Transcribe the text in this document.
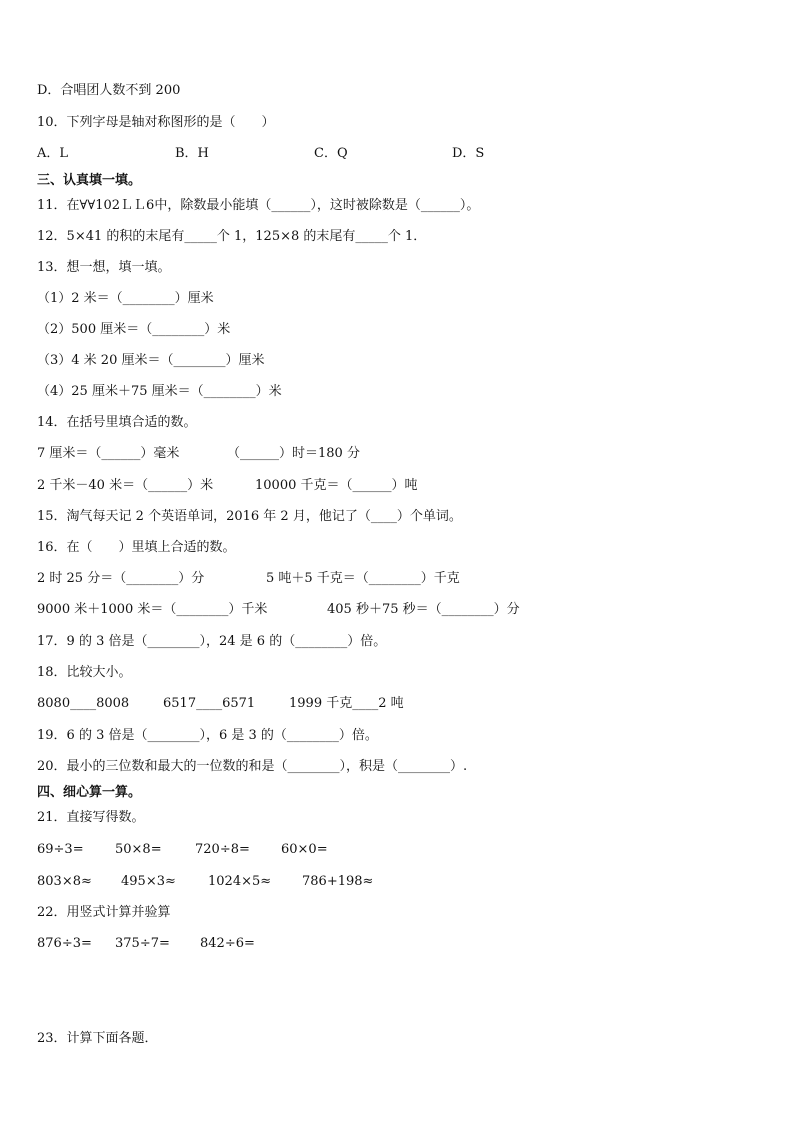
D．合唱团人数不到 200
10．下列字母是轴对称图形的是（　　）
A．L	B．H	C．Q	D．S
三、认真填一填。
11．在∀∀102ＬＬ6中，除数最小能填（______），这时被除数是（______）。
12．5×41 的积的末尾有_____个 1，125×8 的末尾有_____个 1．
13．想一想，填一填。
（1）2 米＝（________）厘米
（2）500 厘米＝（________）米
（3）4 米 20 厘米＝（________）厘米
（4）25 厘米＋75 厘米＝（________）米
14．在括号里填合适的数。
7 厘米＝（______）毫米	（______）时＝180 分
2 千米－40 米＝（______）米	10000 千克＝（______）吨
15．淘气每天记 2 个英语单词，2016 年 2 月，他记了（____）个单词。
16．在（　　）里填上合适的数。
2 时 25 分＝（________）分	5 吨＋5 千克＝（________）千克
9000 米＋1000 米＝（________）千米	405 秒＋75 秒＝（________）分
17．9 的 3 倍是（________），24 是 6 的（________）倍。
18．比较大小。
8080____8008	6517____6571	1999 千克____2 吨
19．6 的 3 倍是（________），6 是 3 的（________）倍。
20．最小的三位数和最大的一位数的和是（________），积是（________）.
四、细心算一算。
21．直接写得数。
69÷3= 50×8=	720÷8= 60×0=
803×8≈ 495×3≈ 1024×5≈ 786+198≈
22．用竖式计算并验算
876÷3= 375÷7= 842÷6=
23．计算下面各题．
